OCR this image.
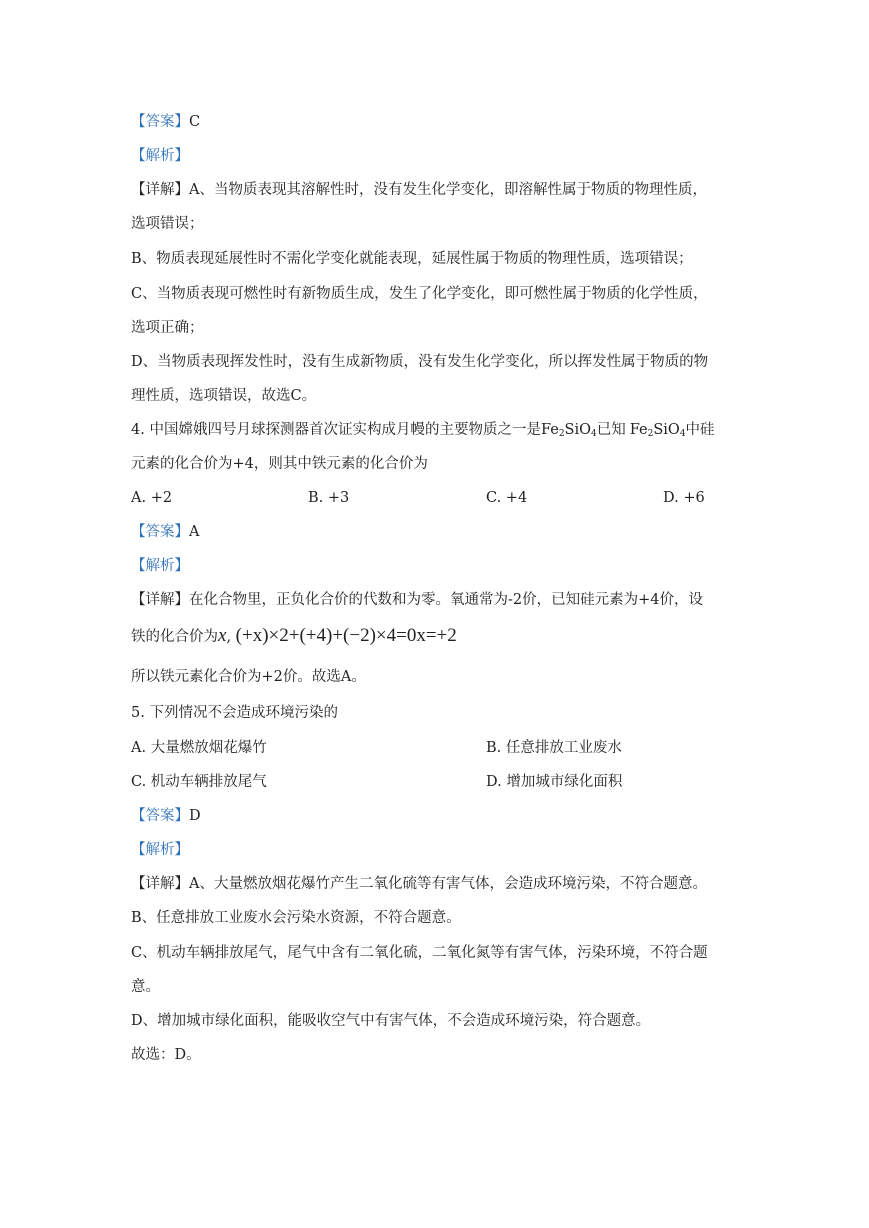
【答案】C
【解析】
【详解】A、当物质表现其溶解性时，没有发生化学变化，即溶解性属于物质的物理性质，
选项错误；
B、物质表现延展性时不需化学变化就能表现，延展性属于物质的物理性质，选项错误；
C、当物质表现可燃性时有新物质生成，发生了化学变化，即可燃性属于物质的化学性质，
选项正确；
D、当物质表现挥发性时，没有生成新物质，没有发生化学变化，所以挥发性属于物质的物
理性质，选项错误，故选C。
4. 中国嫦娥四号月球探测器首次证实构成月幔的主要物质之一是$Fe_2SiO_4$已知 $Fe_2SiO_4$中硅
元素的化合价为+4，则其中铁元素的化合价为
A. +2	B. +3	C. +4	D. +6
【答案】A
【解析】
【详解】在化合物里，正负化合价的代数和为零。氧通常为-2价，已知硅元素为+4价，设
铁的化合价为x, (+x)×2+(+4)+(−2)×4=0x=+2
所以铁元素化合价为+2价。故选A。
5. 下列情况不会造成环境污染的
A. 大量燃放烟花爆竹	B. 任意排放工业废水
C. 机动车辆排放尾气	D. 增加城市绿化面积
【答案】D
【解析】
【详解】A、大量燃放烟花爆竹产生二氧化硫等有害气体，会造成环境污染，不符合题意。
B、任意排放工业废水会污染水资源，不符合题意。
C、机动车辆排放尾气，尾气中含有二氧化硫，二氧化氮等有害气体，污染环境，不符合题
意。
D、增加城市绿化面积，能吸收空气中有害气体，不会造成环境污染，符合题意。
故选：D。
